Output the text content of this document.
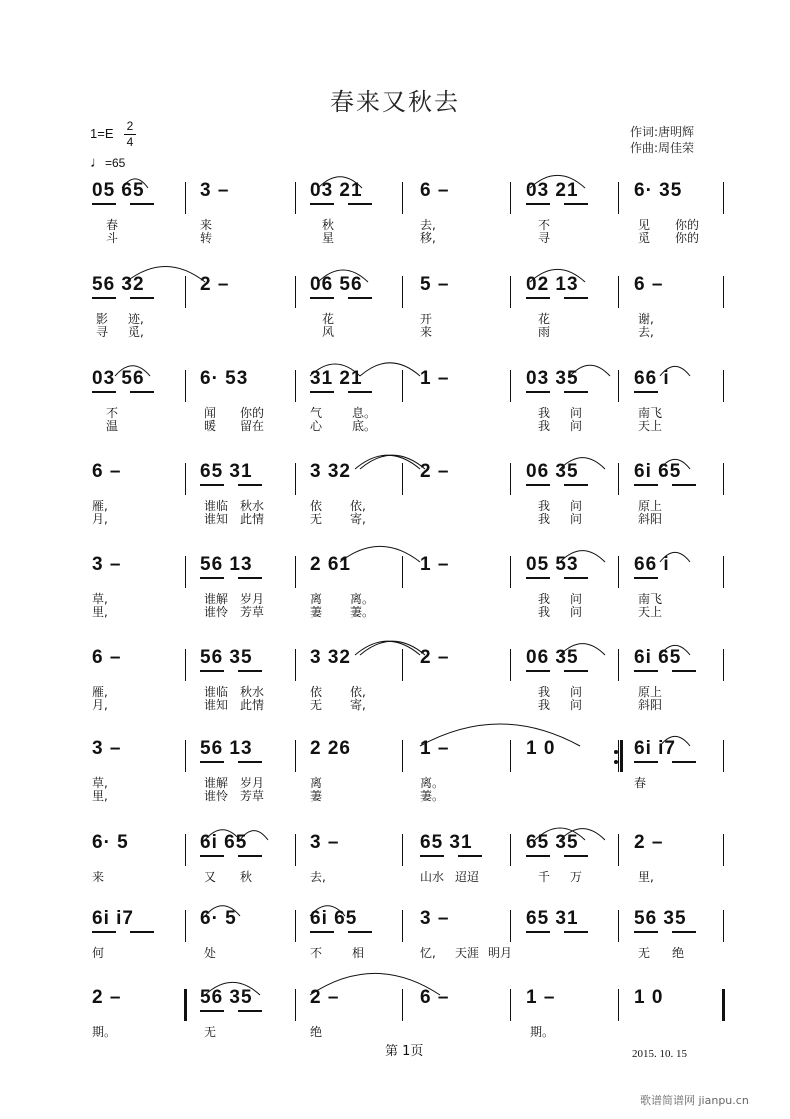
春来又秋去
1=E 2
4
♩=65
作词:唐明辉
作曲:周佳荣
05 65	3 –	03 21	6 –	03 21	6· 35
春	来	秋	去,	不	见 你的
斗	转	星	移,	寻	觅 你的
56 32	2 –	06 56	5 –	02 13	6 –
影 迹,	花	开	花	谢,
寻 觅,	风	来	雨	去,
03 56	6· 53	31 21	1 –	03 35	66 i
不	闻 你的	气 息。	我 问	南飞
温	暖 留在	心 底。	我 问	天上
6 –	65 31	3 32	2 –	06 35	6i 65
雁,	谁临 秋水	依 依,	我 问	原上
月,	谁知 此情	无 寄,	我 问	斜阳
3 –	56 13	2 61	1 –	05 53	66 i
草,	谁解 岁月	离 离。	我 问	南飞
里,	谁怜 芳草	萋 萋。	我 问	天上
6 –	56 35	3 32	2 –	06 35	6i 65
雁,	谁临 秋水	依 依,	我 问	原上
月,	谁知 此情	无 寄,	我 问	斜阳
3 –	56 13	2 26	1 –	1 0	6i i7
草,	谁解 岁月	离	离。	春
里,	谁怜 芳草	萋	萋。
6· 5	6i 65	3 –	65 31	65 35	2 –
来	又 秋	去,	山水 迢迢	千 万	里,
6i i7	6· 5	6i 65	3 –	65 31	56 35
何	处	不 相	忆, 天涯 明月	无 绝
2 –	56 35	2 –	6 –	1 –	1 0
期。	无	绝	期。
第 1页	2015. 10. 15
歌谱简谱网 jianpu.cn
